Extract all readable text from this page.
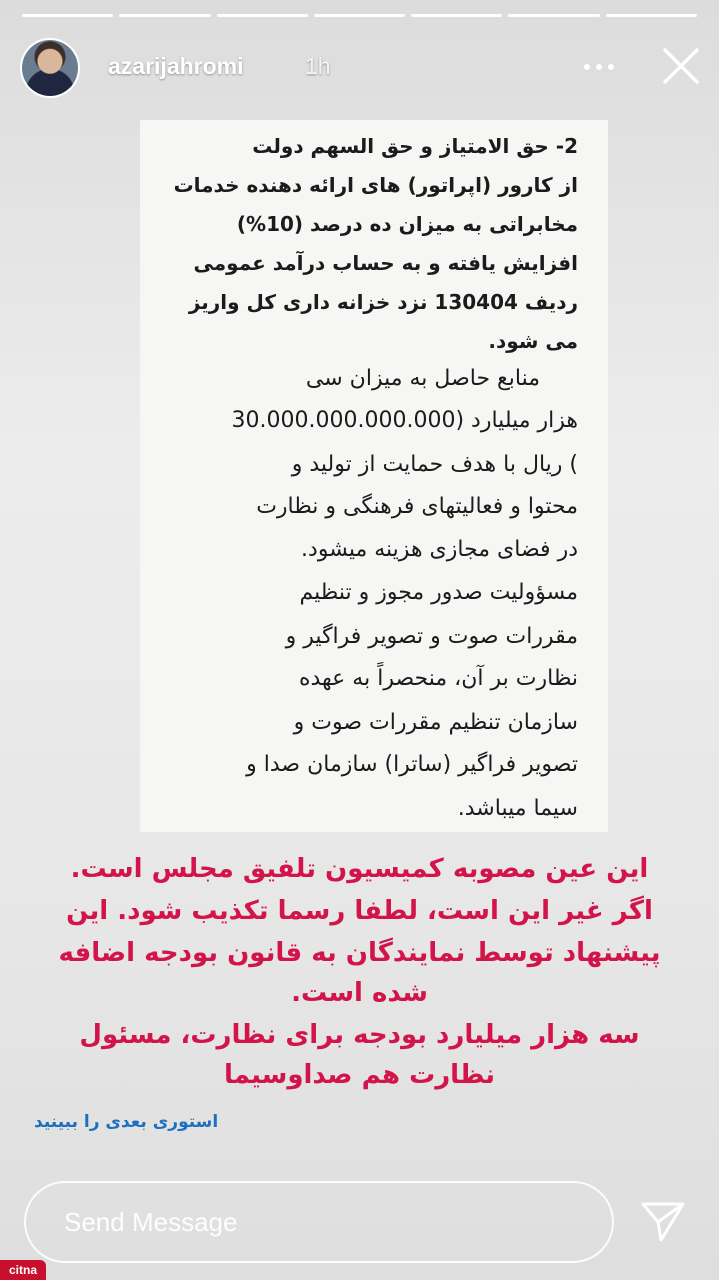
azarijahromi	1h
2- حق الامتیاز و حق السهم دولت
از کارور (اپراتور) های ارائه دهنده خدمات
مخابراتی به میزان ده درصد (10%)
افزایش یافته و به حساب درآمد عمومی
ردیف 130404 نزد خزانه داری کل واریز
می شود.
منابع حاصل به میزان سی
هزار میلیارد (30.000.000.000.000
) ریال با هدف حمایت از تولید و
محتوا و فعالیتهای فرهنگی و نظارت
در فضای مجازی هزینه میشود.
مسؤولیت صدور مجوز و تنظیم
مقررات صوت و تصویر فراگیر و
نظارت بر آن، منحصراً به عهده
سازمان تنظیم مقررات صوت و
تصویر فراگیر (ساترا) سازمان صدا و
سیما میباشد.
این عین مصوبه کمیسیون تلفیق مجلس است.
اگر غیر این است، لطفا رسما تکذیب شود. این
پیشنهاد توسط نمایندگان به قانون بودجه اضافه
شده است.
سه هزار میلیارد بودجه برای نظارت، مسئول
نظارت هم صداوسیما
استوری بعدی را ببینید
Send Message
citna
